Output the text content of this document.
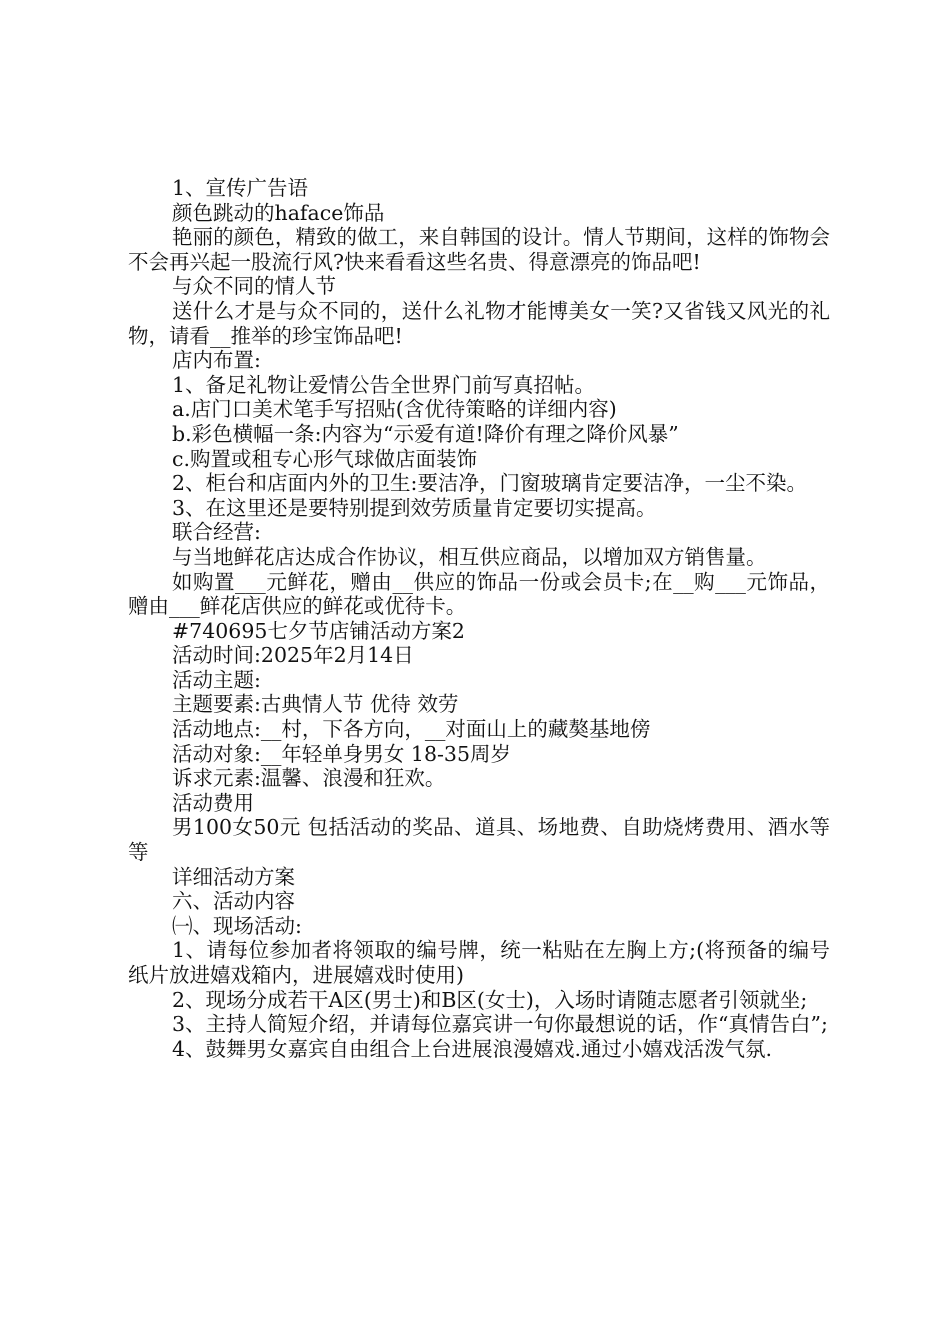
1、宣传广告语

颜色跳动的haface饰品

艳丽的颜色，精致的做工，来自韩国的设计。情人节期间，这样的饰物会不会再兴起一股流行风?快来看看这些名贵、得意漂亮的饰品吧!

与众不同的情人节

送什么才是与众不同的，送什么礼物才能博美女一笑?又省钱又风光的礼物，请看__推举的珍宝饰品吧!

店内布置:

1、备足礼物让爱情公告全世界门前写真招帖。

a.店门口美术笔手写招贴(含优待策略的详细内容)

b.彩色横幅一条:内容为“示爱有道!降价有理之降价风暴”

c.购置或租专心形气球做店面装饰

2、柜台和店面内外的卫生:要洁净，门窗玻璃肯定要洁净，一尘不染。

3、在这里还是要特别提到效劳质量肯定要切实提高。

联合经营:

与当地鲜花店达成合作协议，相互供应商品，以增加双方销售量。

如购置___元鲜花，赠由__供应的饰品一份或会员卡;在__购___元饰品，赠由___鲜花店供应的鲜花或优待卡。

#740695七夕节店铺活动方案2

活动时间:2025年2月14日

活动主题:

主题要素:古典情人节 优待 效劳

活动地点:__村，下各方向，__对面山上的藏獒基地傍

活动对象:__年轻单身男女 18-35周岁

诉求元素:温馨、浪漫和狂欢。

活动费用

男100女50元 包括活动的奖品、道具、场地费、自助烧烤费用、酒水等等

详细活动方案

六、活动内容

㈠、现场活动:

1、请每位参加者将领取的编号牌，统一粘贴在左胸上方;(将预备的编号纸片放进嬉戏箱内，进展嬉戏时使用)

2、现场分成若干A区(男士)和B区(女士)，入场时请随志愿者引领就坐;

3、主持人简短介绍，并请每位嘉宾讲一句你最想说的话，作“真情告白”;

4、鼓舞男女嘉宾自由组合上台进展浪漫嬉戏.通过小嬉戏活泼气氛.
